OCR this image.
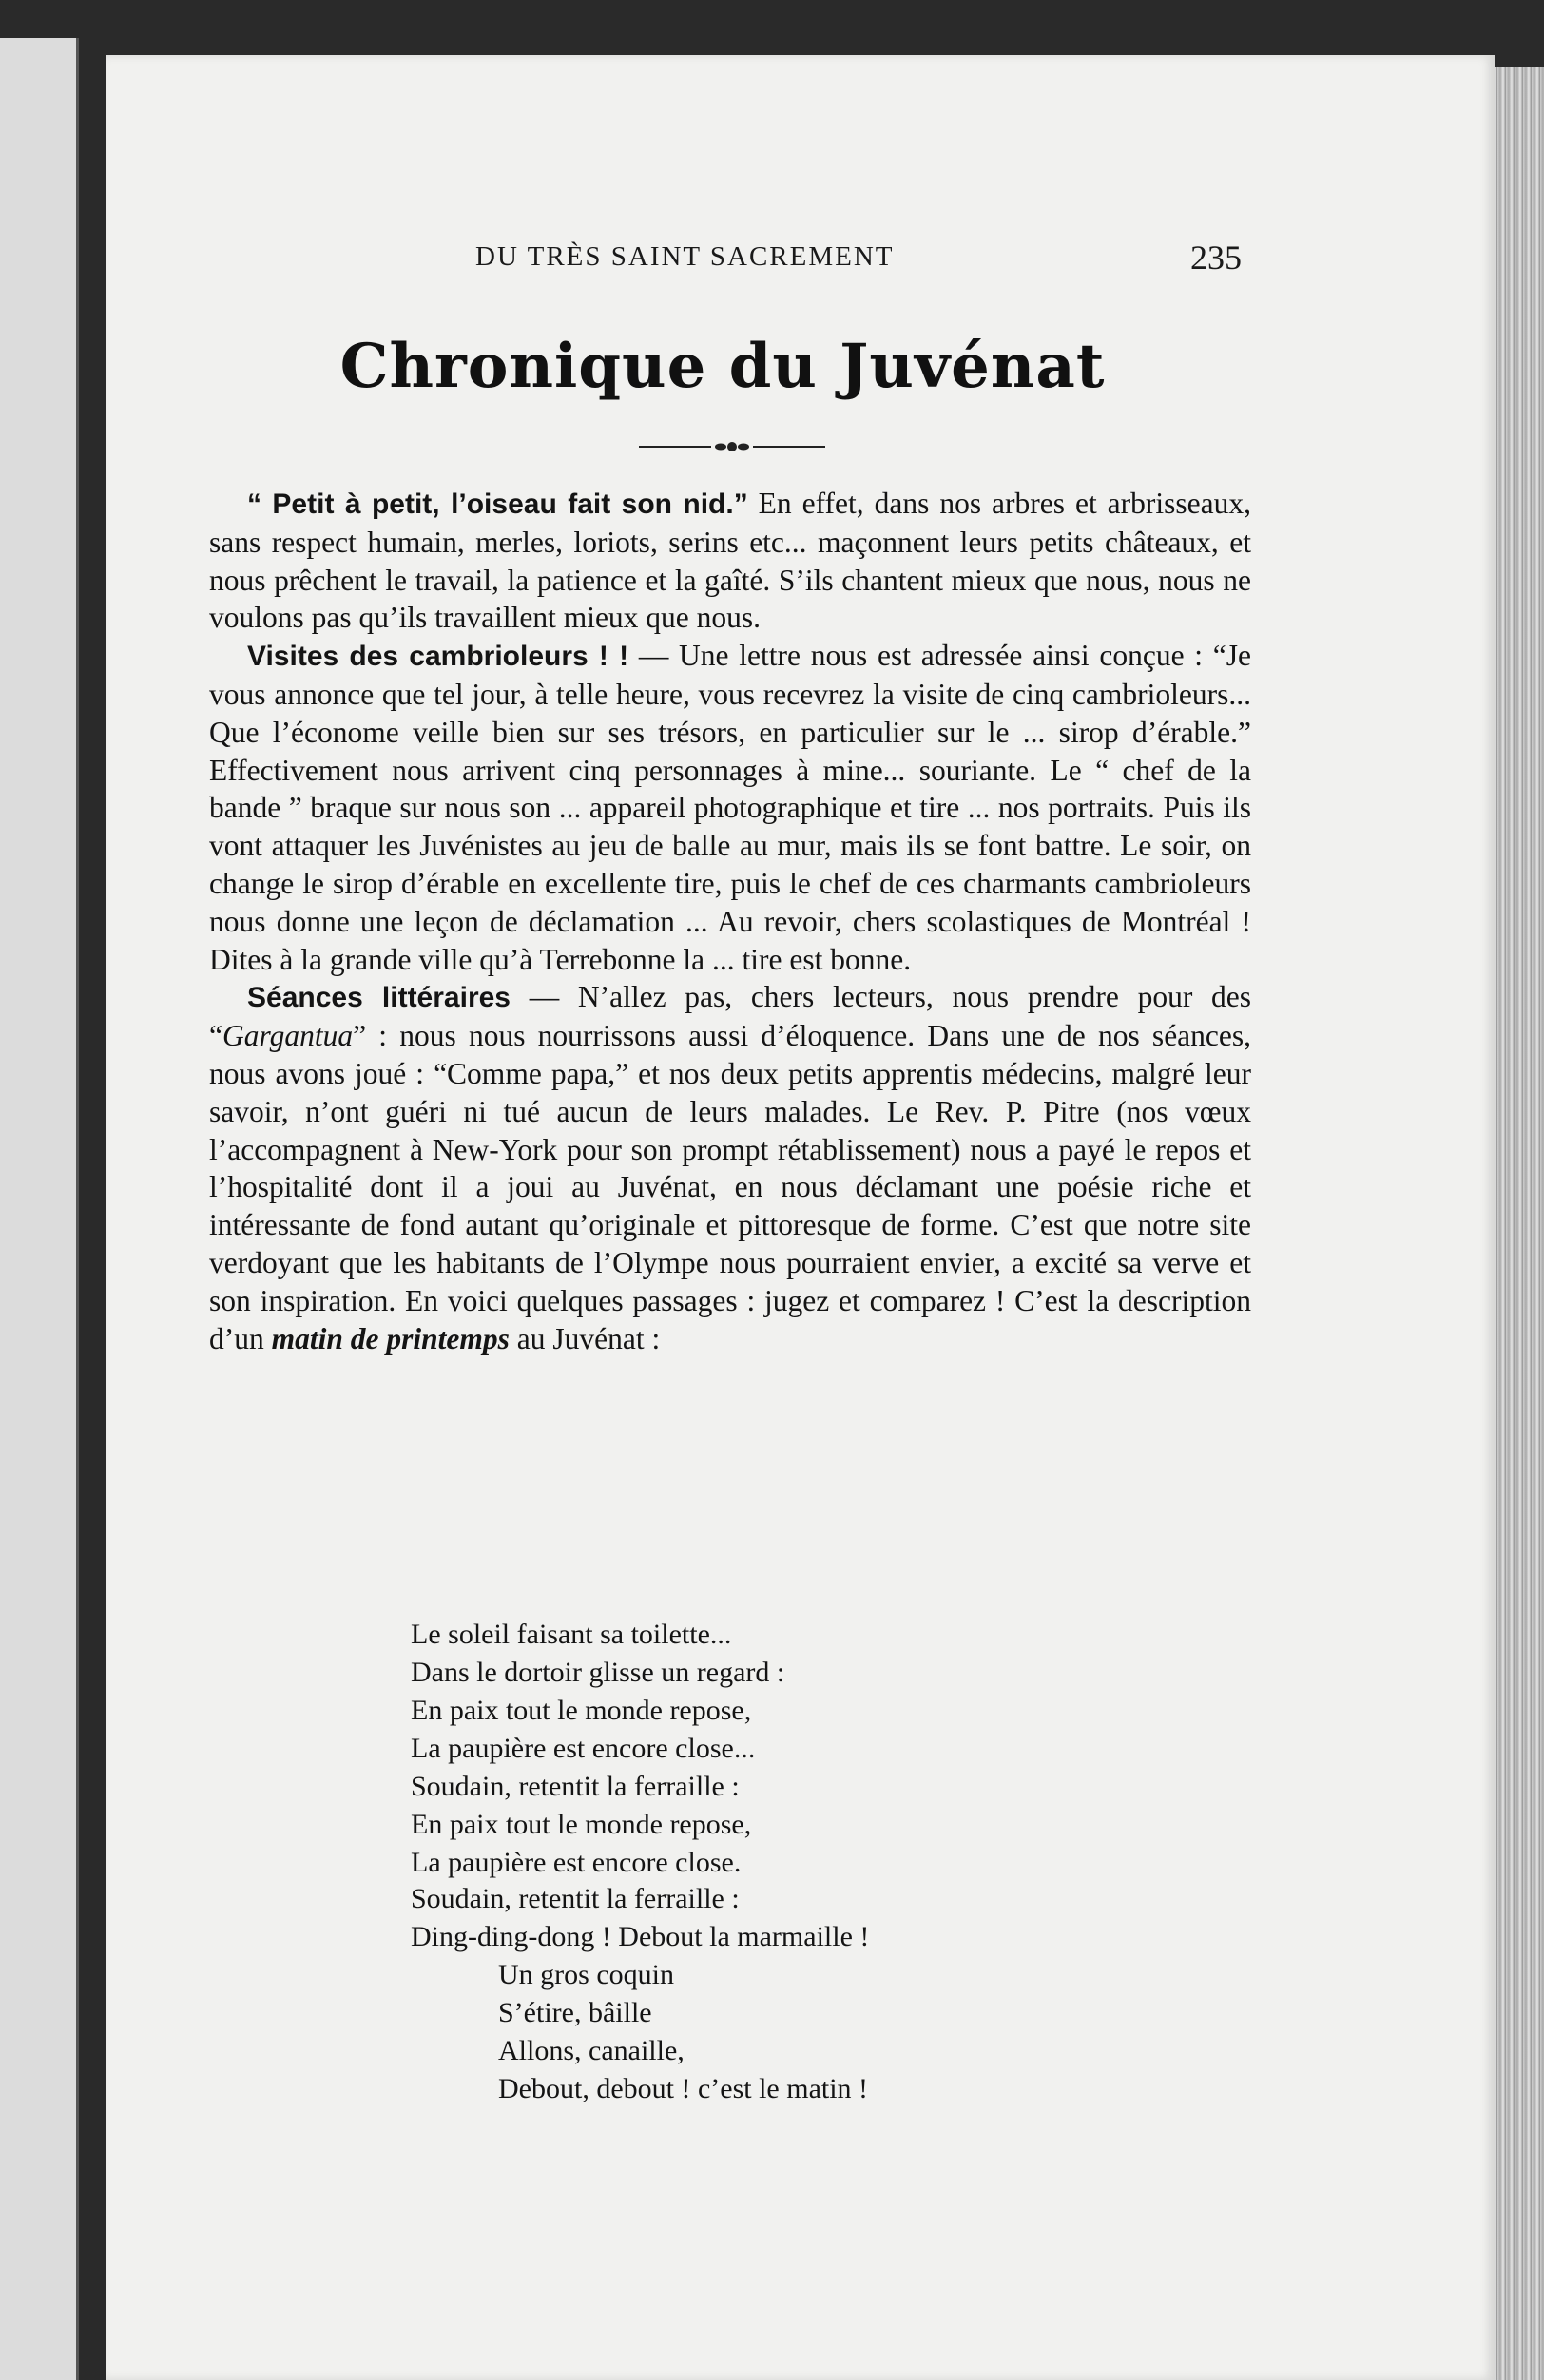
DU TRÈS SAINT SACREMENT	235
Chronique du Juvénat

“ Petit à petit, l’oiseau fait son nid.” En effet, dans nos arbres et arbrisseaux, sans respect humain, merles, loriots, serins etc... maçonnent leurs petits châteaux, et nous prêchent le travail, la patience et la gaîté. S’ils chantent mieux que nous, nous ne voulons pas qu’ils travaillent mieux que nous.

Visites des cambrioleurs ! ! — Une lettre nous est adressée ainsi conçue : “Je vous annonce que tel jour, à telle heure, vous recevrez la visite de cinq cambrioleurs... Que l’économe veille bien sur ses trésors, en particulier sur le ... sirop d’érable.” Effectivement nous arrivent cinq personnages à mine... souriante. Le “ chef de la bande ” braque sur nous son ... appareil photographique et tire ... nos portraits. Puis ils vont attaquer les Juvénistes au jeu de balle au mur, mais ils se font battre. Le soir, on change le sirop d’érable en excellente tire, puis le chef de ces charmants cambrioleurs nous donne une leçon de déclamation ... Au revoir, chers scolastiques de Montréal ! Dites à la grande ville qu’à Terrebonne la ... tire est bonne.

Séances littéraires — N’allez pas, chers lecteurs, nous prendre pour des “Gargantua” : nous nous nourrissons aussi d’éloquence. Dans une de nos séances, nous avons joué : “Comme papa,” et nos deux petits apprentis médecins, malgré leur savoir, n’ont guéri ni tué aucun de leurs malades. Le Rev. P. Pitre (nos vœux l’accompagnent à New-York pour son prompt rétablissement) nous a payé le repos et l’hospitalité dont il a joui au Juvénat, en nous déclamant une poésie riche et intéressante de fond autant qu’originale et pittoresque de forme. C’est que notre site verdoyant que les habitants de l’Olympe nous pourraient envier, a excité sa verve et son inspiration. En voici quelques passages : jugez et comparez ! C’est la description d’un matin de printemps au Juvénat :

Le soleil faisant sa toilette...
Dans le dortoir glisse un regard :
En paix tout le monde repose,
La paupière est encore close...
Soudain, retentit la ferraille :
En paix tout le monde repose,
La paupière est encore close.
Soudain, retentit la ferraille :
Ding-ding-dong ! Debout la marmaille !
Un gros coquin
S’étire, bâille
Allons, canaille,
Debout, debout ! c’est le matin !
